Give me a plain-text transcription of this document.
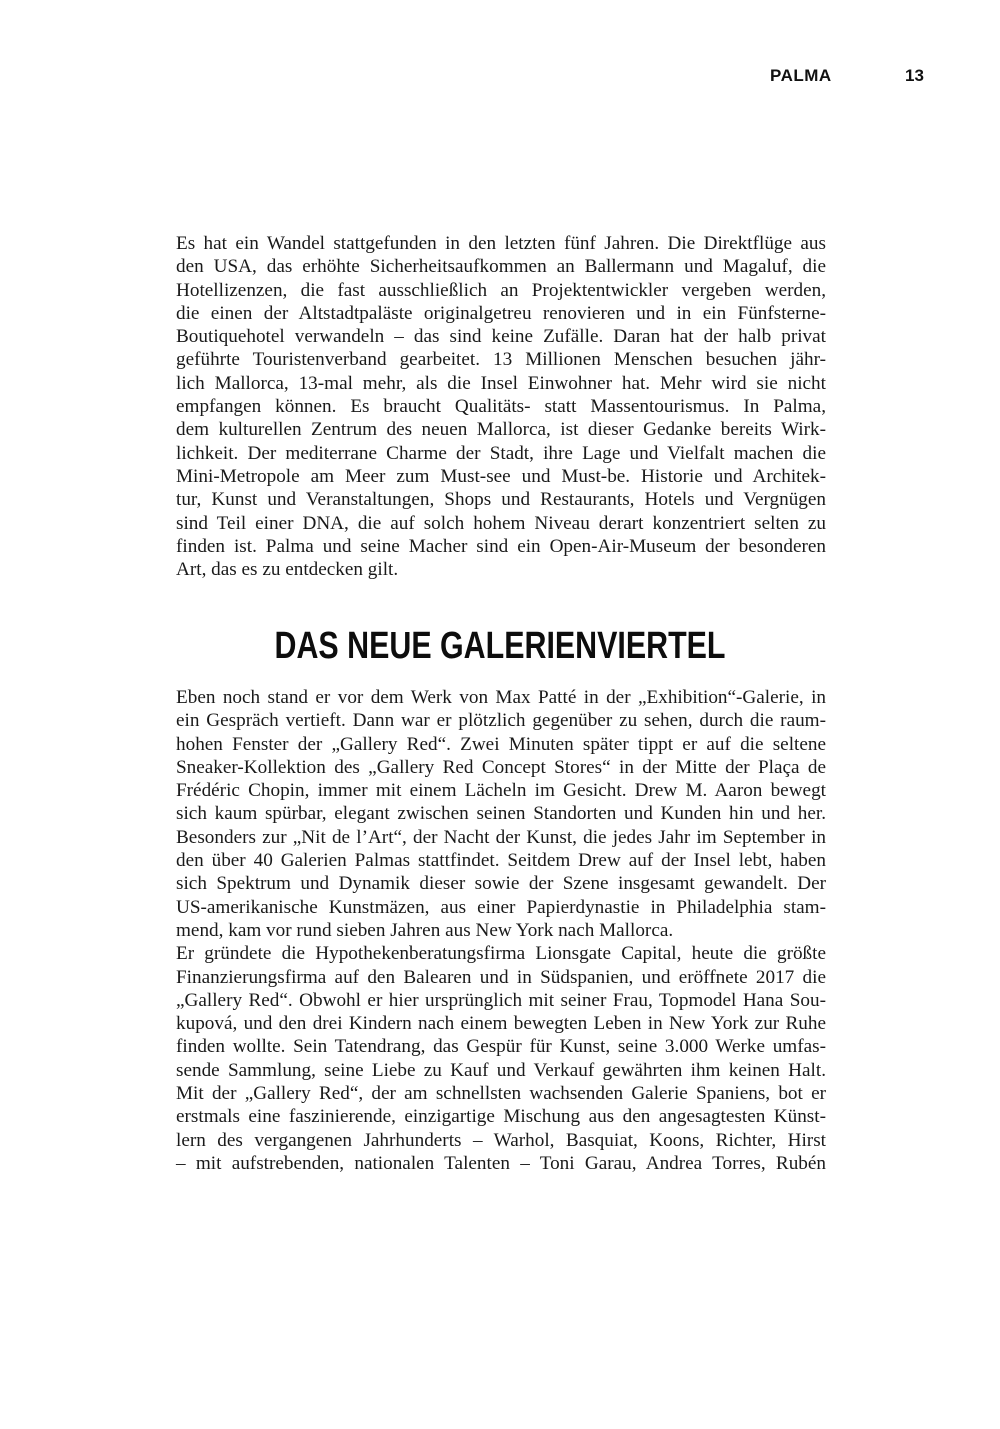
PALMA	13

Es hat ein Wandel stattgefunden in den letzten fünf Jahren. Die Direktflüge aus
den USA, das erhöhte Sicherheitsaufkommen an Ballermann und Magaluf, die
Hotellizenzen, die fast ausschließlich an Projektentwickler vergeben werden,
die einen der Altstadtpaläste originalgetreu renovieren und in ein Fünfsterne-
Boutiquehotel verwandeln – das sind keine Zufälle. Daran hat der halb privat
geführte Touristenverband gearbeitet. 13 Millionen Menschen besuchen jähr-
lich Mallorca, 13-mal mehr, als die Insel Einwohner hat. Mehr wird sie nicht
empfangen können. Es braucht Qualitäts- statt Massentourismus. In Palma,
dem kulturellen Zentrum des neuen Mallorca, ist dieser Gedanke bereits Wirk-
lichkeit. Der mediterrane Charme der Stadt, ihre Lage und Vielfalt machen die
Mini-Metropole am Meer zum Must-see und Must-be. Historie und Architek-
tur, Kunst und Veranstaltungen, Shops und Restaurants, Hotels und Vergnügen
sind Teil einer DNA, die auf solch hohem Niveau derart konzentriert selten zu
finden ist. Palma und seine Macher sind ein Open-Air-Museum der besonderen
Art, das es zu entdecken gilt.

DAS NEUE GALERIENVIERTEL

Eben noch stand er vor dem Werk von Max Patté in der „Exhibition“-Galerie, in
ein Gespräch vertieft. Dann war er plötzlich gegenüber zu sehen, durch die raum-
hohen Fenster der „Gallery Red“. Zwei Minuten später tippt er auf die seltene
Sneaker-Kollektion des „Gallery Red Concept Stores“ in der Mitte der Plaça de
Frédéric Chopin, immer mit einem Lächeln im Gesicht. Drew M. Aaron bewegt
sich kaum spürbar, elegant zwischen seinen Standorten und Kunden hin und her.
Besonders zur „Nit de l’Art“, der Nacht der Kunst, die jedes Jahr im September in
den über 40 Galerien Palmas stattfindet. Seitdem Drew auf der Insel lebt, haben
sich Spektrum und Dynamik dieser sowie der Szene insgesamt gewandelt. Der
US-amerikanische Kunstmäzen, aus einer Papierdynastie in Philadelphia stam-
mend, kam vor rund sieben Jahren aus New York nach Mallorca.

Er gründete die Hypothekenberatungsfirma Lionsgate Capital, heute die größte
Finanzierungsfirma auf den Balearen und in Südspanien, und eröffnete 2017 die
„Gallery Red“. Obwohl er hier ursprünglich mit seiner Frau, Topmodel Hana Sou-
kupová, und den drei Kindern nach einem bewegten Leben in New York zur Ruhe
finden wollte. Sein Tatendrang, das Gespür für Kunst, seine 3.000 Werke umfas-
sende Sammlung, seine Liebe zu Kauf und Verkauf gewährten ihm keinen Halt.
Mit der „Gallery Red“, der am schnellsten wachsenden Galerie Spaniens, bot er
erstmals eine faszinierende, einzigartige Mischung aus den angesagtesten Künst-
lern des vergangenen Jahrhunderts – Warhol, Basquiat, Koons, Richter, Hirst
– mit aufstrebenden, nationalen Talenten – Toni Garau, Andrea Torres, Rubén
